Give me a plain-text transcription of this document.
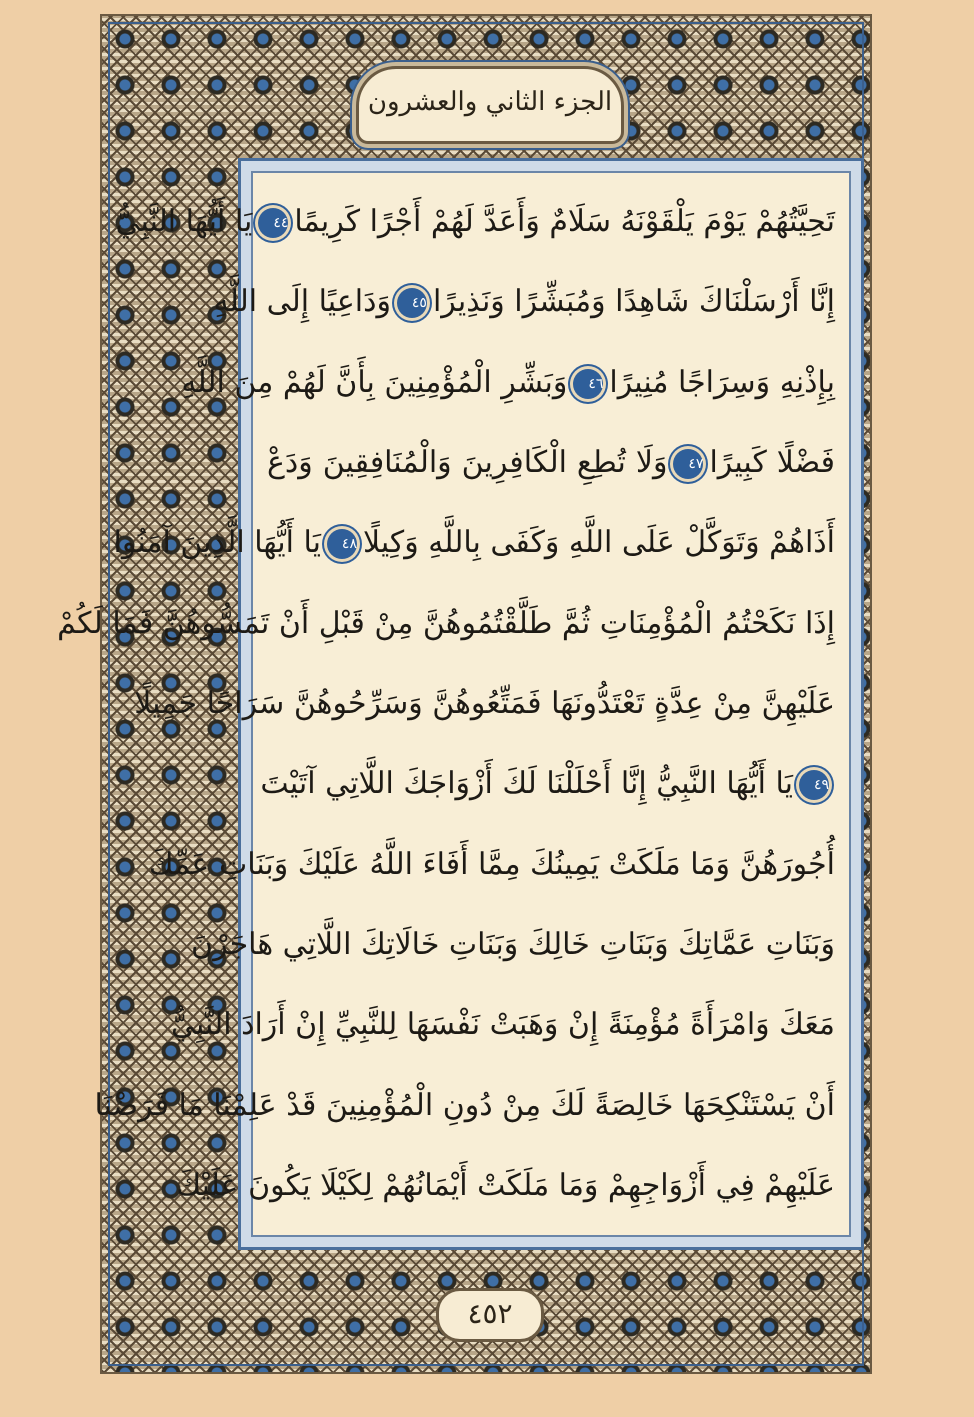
الجزء الثاني والعشرون
تَحِيَّتُهُمْ يَوْمَ يَلْقَوْنَهُ سَلَامٌ وَأَعَدَّ لَهُمْ أَجْرًا كَرِيمًا٤٤يَا أَيُّهَا النَّبِيُّ
إِنَّا أَرْسَلْنَاكَ شَاهِدًا وَمُبَشِّرًا وَنَذِيرًا٤٥وَدَاعِيًا إِلَى اللَّهِ
بِإِذْنِهِ وَسِرَاجًا مُنِيرًا٤٦وَبَشِّرِ الْمُؤْمِنِينَ بِأَنَّ لَهُمْ مِنَ اللَّهِ
فَضْلًا كَبِيرًا٤٧وَلَا تُطِعِ الْكَافِرِينَ وَالْمُنَافِقِينَ وَدَعْ
أَذَاهُمْ وَتَوَكَّلْ عَلَى اللَّهِ وَكَفَى بِاللَّهِ وَكِيلًا٤٨يَا أَيُّهَا الَّذِينَ آمَنُوا
إِذَا نَكَحْتُمُ الْمُؤْمِنَاتِ ثُمَّ طَلَّقْتُمُوهُنَّ مِنْ قَبْلِ أَنْ تَمَسُّوهُنَّ فَمَا لَكُمْ
عَلَيْهِنَّ مِنْ عِدَّةٍ تَعْتَدُّونَهَا فَمَتِّعُوهُنَّ وَسَرِّحُوهُنَّ سَرَاحًا جَمِيلًا
٤٩يَا أَيُّهَا النَّبِيُّ إِنَّا أَحْلَلْنَا لَكَ أَزْوَاجَكَ اللَّاتِي آتَيْتَ
أُجُورَهُنَّ وَمَا مَلَكَتْ يَمِينُكَ مِمَّا أَفَاءَ اللَّهُ عَلَيْكَ وَبَنَاتِ عَمِّكَ
وَبَنَاتِ عَمَّاتِكَ وَبَنَاتِ خَالِكَ وَبَنَاتِ خَالَاتِكَ اللَّاتِي هَاجَرْنَ
مَعَكَ وَامْرَأَةً مُؤْمِنَةً إِنْ وَهَبَتْ نَفْسَهَا لِلنَّبِيِّ إِنْ أَرَادَ النَّبِيُّ
أَنْ يَسْتَنْكِحَهَا خَالِصَةً لَكَ مِنْ دُونِ الْمُؤْمِنِينَ قَدْ عَلِمْنَا مَا فَرَضْنَا
عَلَيْهِمْ فِي أَزْوَاجِهِمْ وَمَا مَلَكَتْ أَيْمَانُهُمْ لِكَيْلَا يَكُونَ عَلَيْكَ
٤٥٢
